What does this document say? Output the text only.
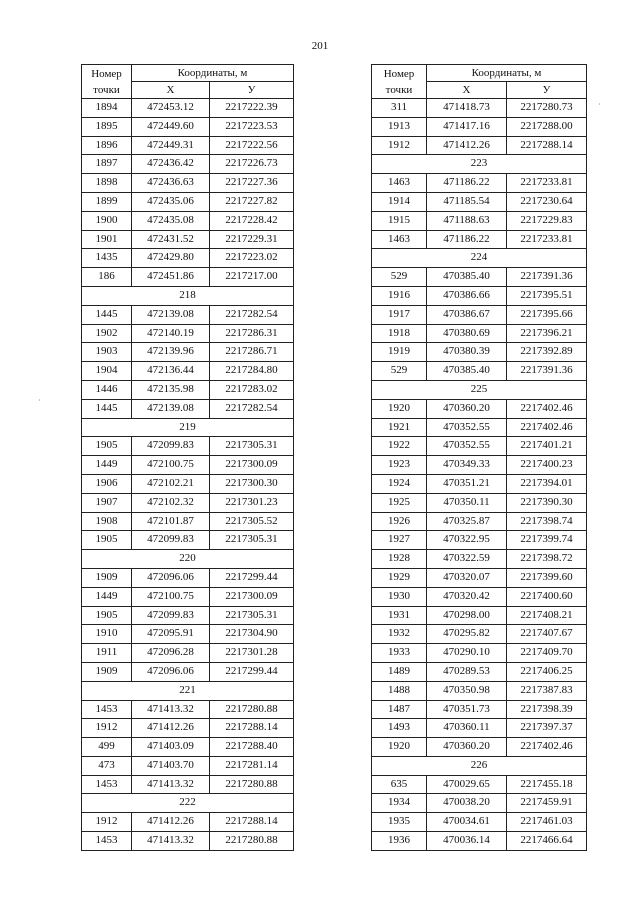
201
Номер
точки	Координаты, м	
	X	У
1894	472453.12	2217222.39
1895	472449.60	2217223.53
1896	472449.31	2217222.56
1897	472436.42	2217226.73
1898	472436.63	2217227.36
1899	472435.06	2217227.82
1900	472435.08	2217228.42
1901	472431.52	2217229.31
1435	472429.80	2217223.02
186	472451.86	2217217.00
218		
1445	472139.08	2217282.54
1902	472140.19	2217286.31
1903	472139.96	2217286.71
1904	472136.44	2217284.80
1446	472135.98	2217283.02
1445	472139.08	2217282.54
219		
1905	472099.83	2217305.31
1449	472100.75	2217300.09
1906	472102.21	2217300.30
1907	472102.32	2217301.23
1908	472101.87	2217305.52
1905	472099.83	2217305.31
220		
1909	472096.06	2217299.44
1449	472100.75	2217300.09
1905	472099.83	2217305.31
1910	472095.91	2217304.90
1911	472096.28	2217301.28
1909	472096.06	2217299.44
221		
1453	471413.32	2217280.88
1912	471412.26	2217288.14
499	471403.09	2217288.40
473	471403.70	2217281.14
1453	471413.32	2217280.88
222		
1912	471412.26	2217288.14
1453	471413.32	2217280.88
Номер
точки	Координаты, м	
	X	У
311	471418.73	2217280.73
1913	471417.16	2217288.00
1912	471412.26	2217288.14
223		
1463	471186.22	2217233.81
1914	471185.54	2217230.64
1915	471188.63	2217229.83
1463	471186.22	2217233.81
224		
529	470385.40	2217391.36
1916	470386.66	2217395.51
1917	470386.67	2217395.66
1918	470380.69	2217396.21
1919	470380.39	2217392.89
529	470385.40	2217391.36
225		
1920	470360.20	2217402.46
1921	470352.55	2217402.46
1922	470352.55	2217401.21
1923	470349.33	2217400.23
1924	470351.21	2217394.01
1925	470350.11	2217390.30
1926	470325.87	2217398.74
1927	470322.95	2217399.74
1928	470322.59	2217398.72
1929	470320.07	2217399.60
1930	470320.42	2217400.60
1931	470298.00	2217408.21
1932	470295.82	2217407.67
1933	470290.10	2217409.70
1489	470289.53	2217406.25
1488	470350.98	2217387.83
1487	470351.73	2217398.39
1493	470360.11	2217397.37
1920	470360.20	2217402.46
226		
635	470029.65	2217455.18
1934	470038.20	2217459.91
1935	470034.61	2217461.03
1936	470036.14	2217466.64
·
·
